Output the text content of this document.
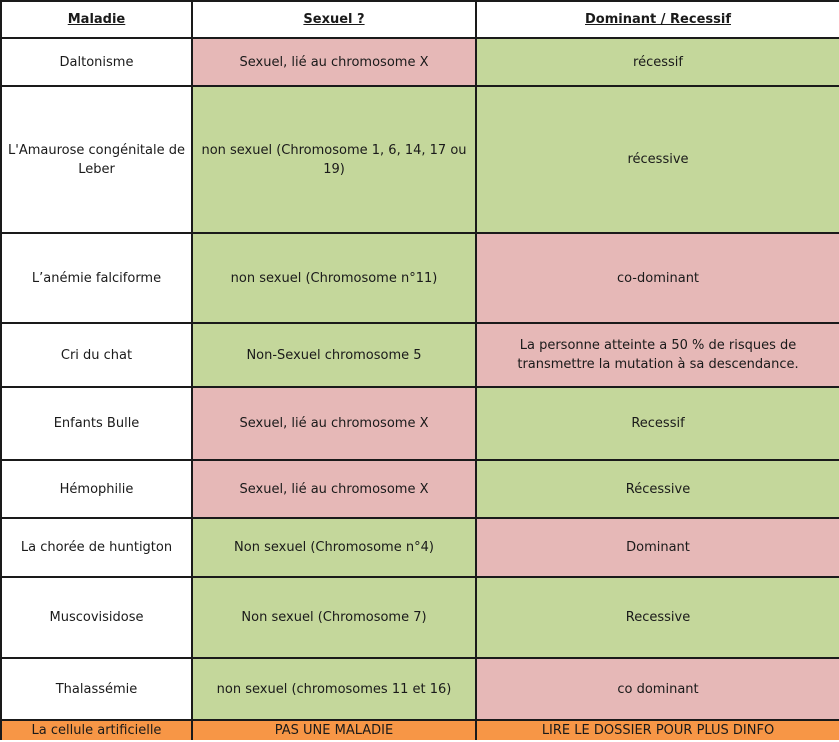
Maladie	Sexuel ?	Dominant / Recessif
Daltonisme	Sexuel, lié au chromosome X	récessif
L'Amaurose congénitale de Leber	non sexuel (Chromosome 1, 6, 14, 17 ou 19)	récessive
L’anémie falciforme	non sexuel (Chromosome n°11)	co-dominant
Cri du chat	Non-Sexuel chromosome 5	La personne atteinte a 50 % de risques de transmettre la mutation à sa descendance.
Enfants Bulle	Sexuel, lié au chromosome X	Recessif
Hémophilie	Sexuel, lié au chromosome X	Récessive
La chorée de huntigton	Non sexuel (Chromosome n°4)	Dominant
Muscovisidose	Non sexuel (Chromosome 7)	Recessive
Thalassémie	non sexuel (chromosomes 11 et 16)	co dominant
La cellule artificielle	PAS UNE MALADIE	LIRE LE DOSSIER POUR PLUS DINFO
